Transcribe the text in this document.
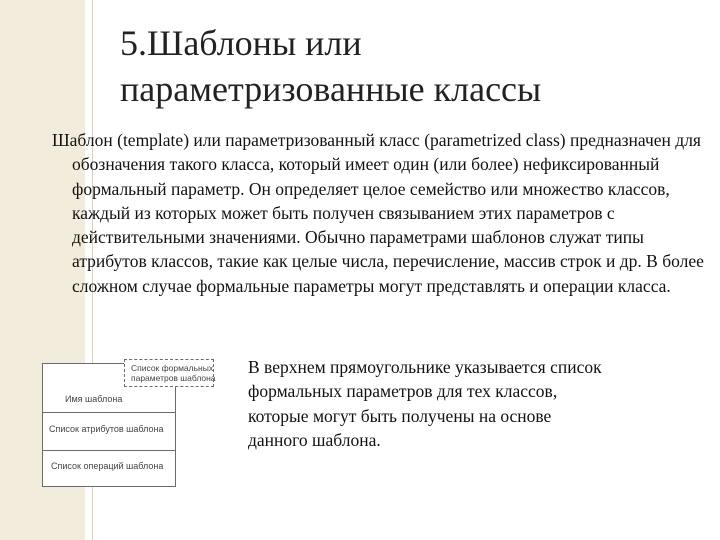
5.Шаблоны или
параметризованные классы

Шаблон (template) или параметризованный класс (parametrized class) предназначен для обозначения такого класса, который имеет один (или более) нефиксированный формальный параметр. Он определяет целое семейство или множество классов, каждый из которых может быть получен связыванием этих параметров с действительными значениями. Обычно параметрами шаблонов служат типы атрибутов классов, такие как целые числа, перечисление, массив строк и др. В более сложном случае формальные параметры могут представлять и операции класса.

Имя шаблона
Список атрибутов шаблона
Список операций шаблона
Список формальных
параметров шаблона

В верхнем прямоугольнике указывается список формальных параметров для тех классов, которые могут быть получены на основе данного шаблона.
